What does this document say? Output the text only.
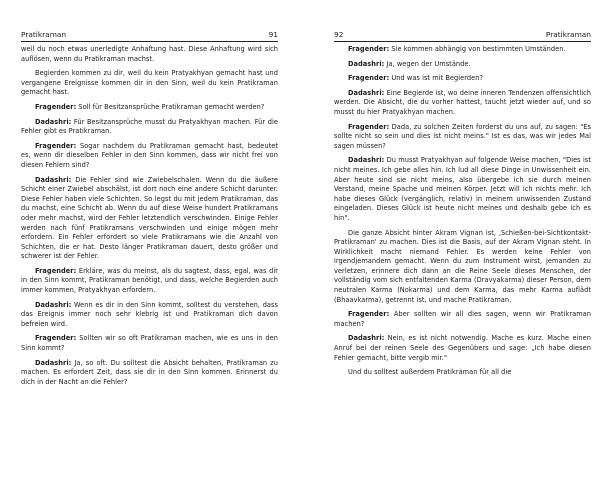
Pratikraman	91

weil du noch etwas unerledigte Anhaftung hast. Diese Anhaftung wird sich auflösen, wenn du Pratikraman machst.

Begierden kommen zu dir, weil du kein Pratyakhyan gemacht hast und vergangene Ereignisse kommen dir in den Sinn, weil du kein Pratikraman gemacht hast.

Fragender: Soll für Besitzansprüche Pratikraman gemacht werden?

Dadashri: Für Besitzansprüche musst du Pratyakhyan machen. Für die Fehler gibt es Pratikraman.

Fragender: Sogar nachdem du Pratikraman gemacht hast, bedeutet es, wenn dir dieselben Fehler in den Sinn kommen, dass wir nicht frei von diesen Fehlern sind?

Dadashri: Die Fehler sind wie Zwiebelschalen. Wenn du die äußere Schicht einer Zwiebel abschälst, ist dort noch eine andere Schicht darunter. Diese Fehler haben viele Schichten. So legst du mit jedem Pratikraman, das du machst, eine Schicht ab. Wenn du auf diese Weise hundert Pratikramans oder mehr machst, wird der Fehler letztendlich verschwinden. Einige Fehler werden nach fünf Pratikramans verschwinden und einige mögen mehr erfordern. Ein Fehler erfordert so viele Pratikramans wie die Anzahl von Schichten, die er hat. Desto länger Pratikraman dauert, desto größer und schwerer ist der Fehler.

Fragender: Erkläre, was du meinst, als du sagtest, dass, egal, was dir in den Sinn kommt, Pratikraman benötigt, und dass, welche Begierden auch immer kommen, Pratyakhyan erfordern.

Dadashri: Wenn es dir in den Sinn kommt, solltest du verstehen, dass das Ereignis immer noch sehr klebrig ist und Pratikraman dich davon befreien wird.

Fragender: Sollten wir so oft Pratikraman machen, wie es uns in den Sinn kommt?

Dadashri: Ja, so oft. Du solltest die Absicht behalten, Pratikraman zu machen. Es erfordert Zeit, dass sie dir in den Sinn kommen. Erinnerst du dich in der Nacht an die Fehler?

92	Pratikraman

Fragender: Sie kommen abhängig von bestimmten Umständen.

Dadashri: Ja, wegen der Umstände.

Fragender: Und was ist mit Begierden?

Dadashri: Eine Begierde ist, wo deine inneren Tendenzen offensichtlich werden. Die Absicht, die du vorher hattest, taucht jetzt wieder auf, und so musst du hier Pratyakhyan machen.

Fragender: Dada, zu solchen Zeiten forderst du uns auf, zu sagen: "Es sollte nicht so sein und dies ist nicht meins." Ist es das, was wir jedes Mal sagen müssen?

Dadashri: Du musst Pratyakhyan auf folgende Weise machen, "Dies ist nicht meines. Ich gebe alles hin. Ich lud all diese Dinge in Unwissenheit ein. Aber heute sind sie nicht meins, also übergebe ich sie durch meinen Verstand, meine Spache und meinen Körper. Jetzt will ich nichts mehr. Ich habe dieses Glück (vergänglich, relativ) in meinem unwissenden Zustand eingeladen. Dieses Glück ist heute nicht meines und deshalb gebe ich es hin".

Die ganze Absicht hinter Akram Vignan ist, ‚Schießen-bei-Sichtkontakt-Pratikraman' zu machen. Dies ist die Basis, auf der Akram Vignan steht. In Wirklichkeit macht niemand Fehler. Es werden keine Fehler von irgendjemandem gemacht. Wenn du zum Instrument wirst, jemanden zu verletzen, erinnere dich dann an die Reine Seele dieses Menschen, der vollständig vom sich entfaltenden Karma (Dravyakarma) dieser Person, dem neutralen Karma (Nokarma) und dem Karma, das mehr Karma auflädt (Bhaavkarma), getrennt ist, und mache Pratikraman.

Fragender: Aber sollten wir all dies sagen, wenn wir Pratikraman machen?

Dadashri: Nein, es ist nicht notwendig. Mache es kurz. Mache einen Anruf bei der reinen Seele des Gegenübers und sage: „Ich habe diesen Fehler gemacht, bitte vergib mir."

Und du solltest außerdem Pratikraman für all die
